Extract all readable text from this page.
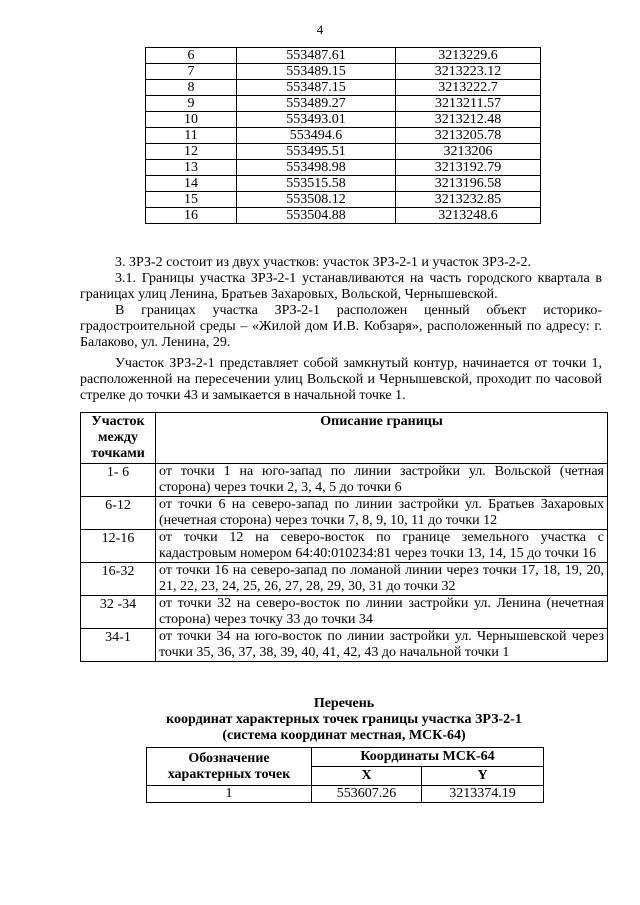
4
6	553487.61	3213229.6
7	553489.15	3213223.12
8	553487.15	3213222.7
9	553489.27	3213211.57
10	553493.01	3213212.48
11	553494.6	3213205.78
12	553495.51	3213206
13	553498.98	3213192.79
14	553515.58	3213196.58
15	553508.12	3213232.85
16	553504.88	3213248.6

3. ЗРЗ-2 состоит из двух участков: участок ЗРЗ-2-1 и участок ЗРЗ-2-2.

3.1. Границы участка ЗРЗ-2-1 устанавливаются на часть городского квартала в границах улиц Ленина, Братьев Захаровых, Вольской, Чернышевской.

В границах участка ЗРЗ-2-1 расположен ценный объект историко-градостроительной среды – «Жилой дом И.В. Кобзаря», расположенный по адресу: г. Балаково, ул. Ленина, 29.

Участок ЗРЗ-2-1 представляет собой замкнутый контур, начинается от точки 1, расположенной на пересечении улиц Вольской и Чернышевской, проходит по часовой стрелке до точки 43 и замыкается в начальной точке 1.

Участок между точками	Описание границы
1- 6	от точки 1 на юго-запад по линии застройки ул. Вольской (четная сторона) через точки 2, 3, 4, 5 до точки 6
6-12	от точки 6 на северо-запад по линии застройки ул. Братьев Захаровых (нечетная сторона) через точки 7, 8, 9, 10, 11 до точки 12
12-16	от точки 12 на северо-восток по границе земельного участка с кадастровым номером 64:40:010234:81 через точки 13, 14, 15 до точки 16
16-32	от точки 16 на северо-запад по ломаной линии через точки 17, 18, 19, 20, 21, 22, 23, 24, 25, 26, 27, 28, 29, 30, 31 до точки 32
32 -34	от точки 32 на северо-восток по линии застройки ул. Ленина (нечетная сторона) через точку 33 до точки 34
34-1	от точки 34 на юго-восток по линии застройки ул. Чернышевской через точки 35, 36, 37, 38, 39, 40, 41, 42, 43 до начальной точки 1
Перечень
координат характерных точек границы участка ЗРЗ-2-1
(система координат местная, МСК-64)
Обозначение характерных точек	Координаты МСК-64	
	X	Y
1	553607.26	3213374.19
